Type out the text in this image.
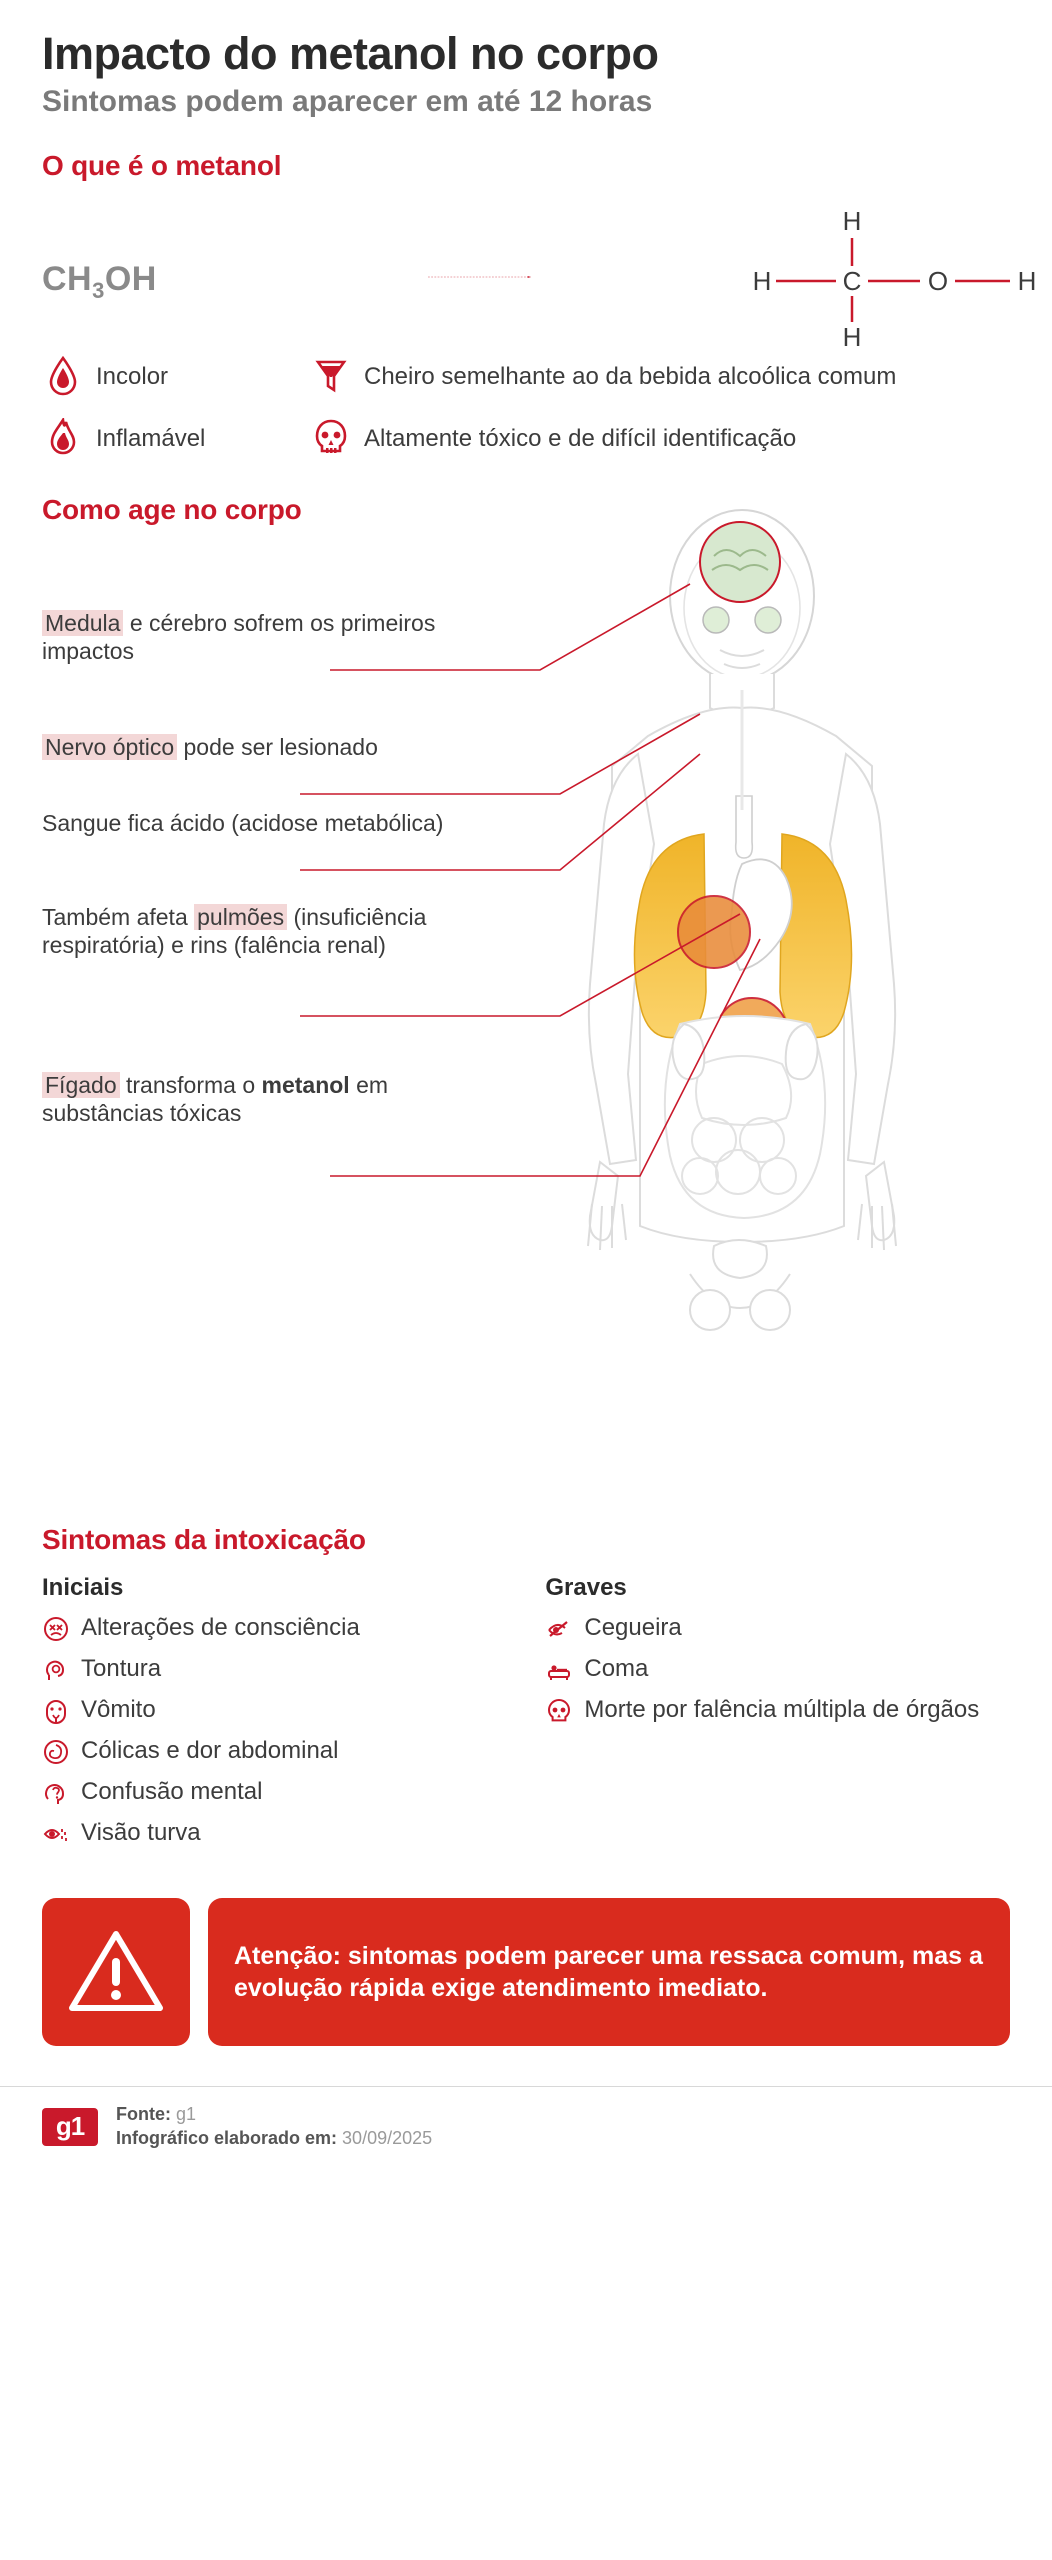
Impacto do metanol no corpo
Sintomas podem aparecer em até 12 horas
O que é o metanol
$CH_3OH$
H
H	C	O	H
H
Incolor	Cheiro semelhante ao da bebida alcoólica comum
Inflamável	Altamente tóxico e de difícil identificação
Como age no corpo
Medula e cérebro sofrem os primeiros impactos
Nervo óptico pode ser lesionado
Sangue fica ácido (acidose metabólica)
Também afeta pulmões (insuficiência respiratória) e rins (falência renal)
Fígado transforma o metanol em substâncias tóxicas
Sintomas da intoxicação
Iniciais
Alterações de consciência
Tontura
Vômito
Cólicas e dor abdominal
Confusão mental
Visão turva
Graves
Cegueira
Coma
Morte por falência múltipla de órgãos
Atenção: sintomas podem parecer uma ressaca comum, mas a evolução rápida exige atendimento imediato.
g1	Fonte: g1
Infográfico elaborado em: 30/09/2025
